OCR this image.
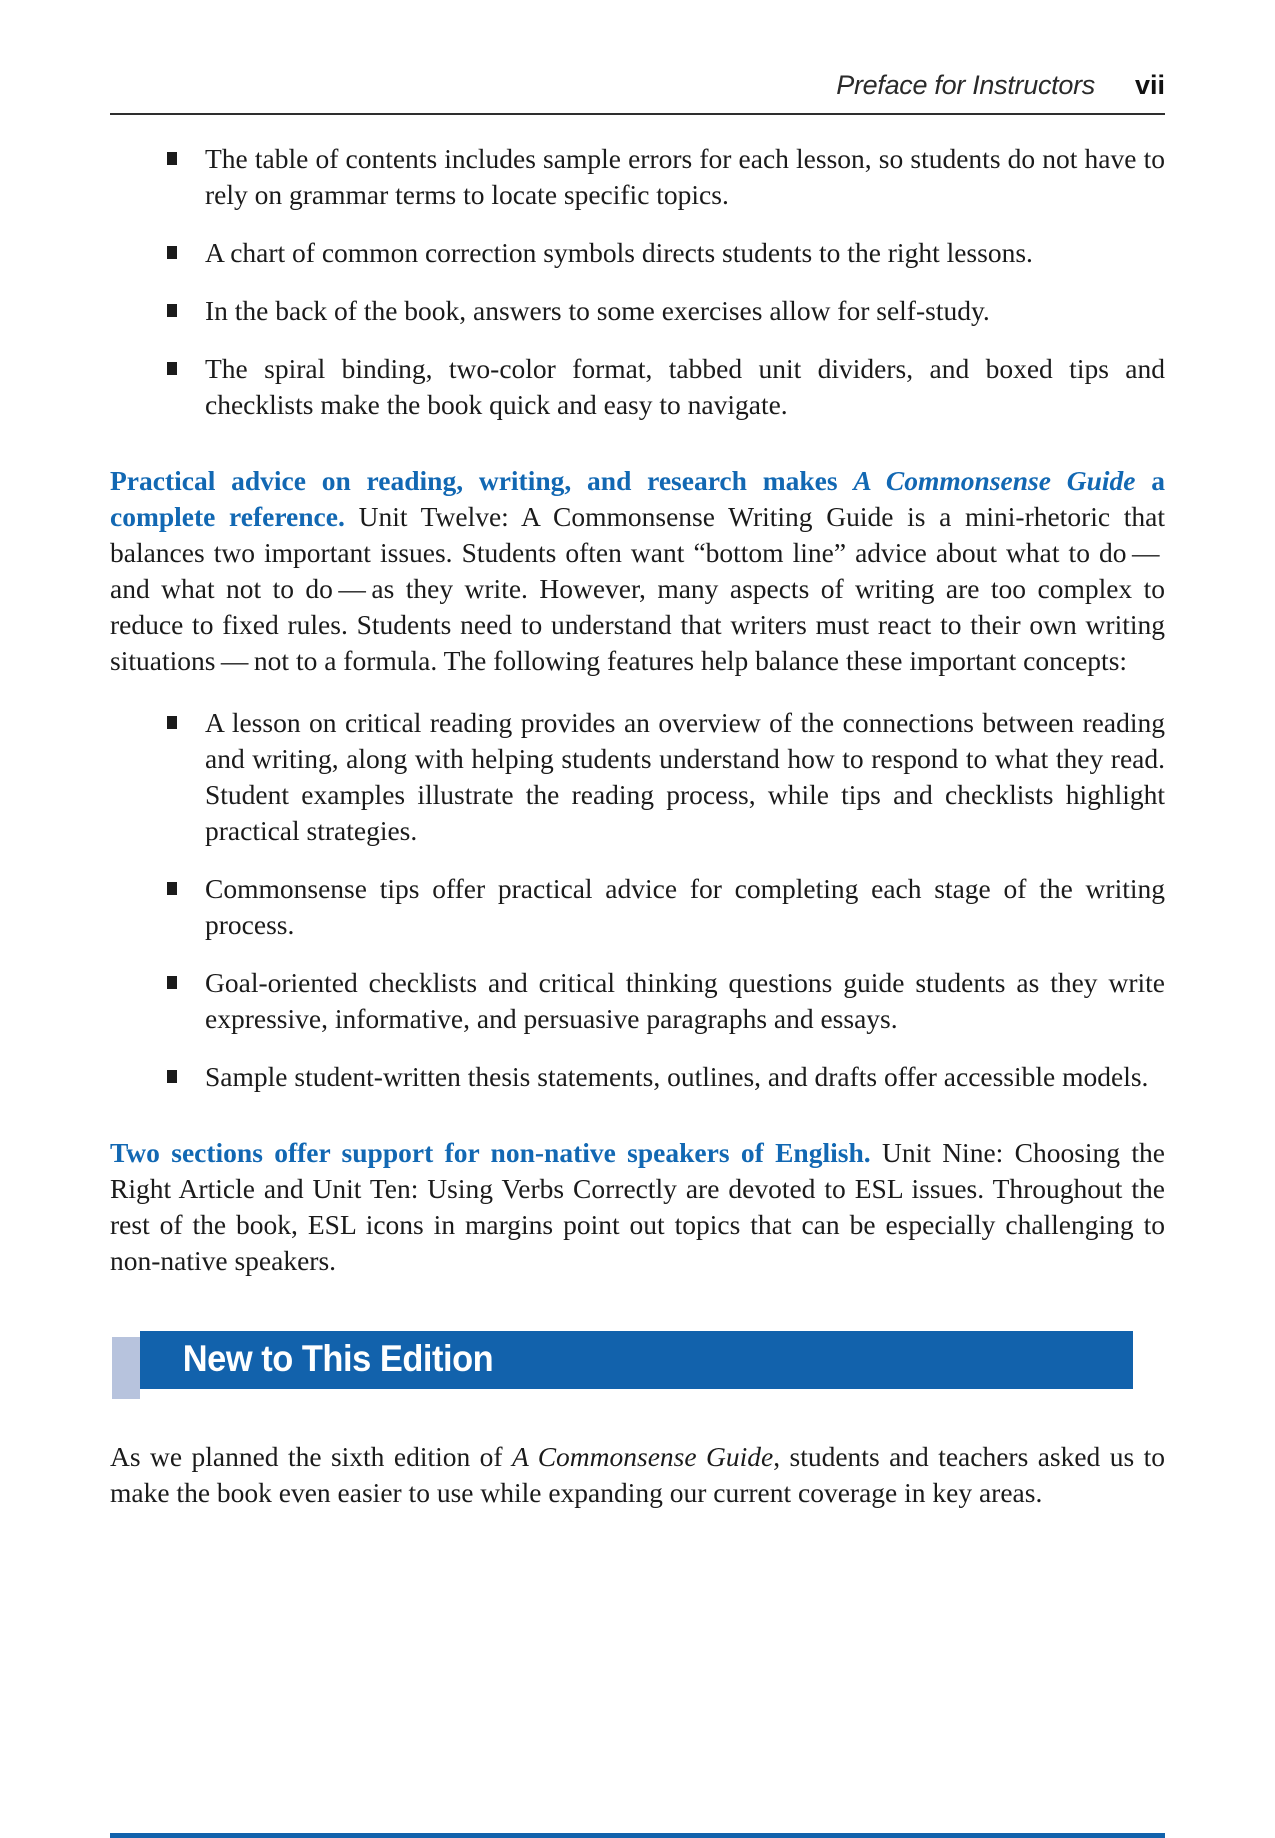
Preface for Instructors vii
The table of contents includes sample errors for each lesson, so students do not have to rely on grammar terms to locate specific topics.
A chart of common correction symbols directs students to the right lessons.
In the back of the book, answers to some exercises allow for self-study.
The spiral binding, two-color format, tabbed unit dividers, and boxed tips and checklists make the book quick and easy to navigate.

Practical advice on reading, writing, and research makes A Commonsense Guide a complete reference. Unit Twelve: A Commonsense Writing Guide is a mini-rhetoric that balances two important issues. Students often want “bottom line” advice about what to do — and what not to do — as they write. However, many aspects of writing are too complex to reduce to fixed rules. Students need to understand that writers must react to their own writing situations — not to a formula. The following features help balance these important concepts:

A lesson on critical reading provides an overview of the connections between reading and writing, along with helping students understand how to respond to what they read. Student examples illustrate the reading process, while tips and checklists highlight practical strategies.
Commonsense tips offer practical advice for completing each stage of the writing process.
Goal-oriented checklists and critical thinking questions guide students as they write expressive, informative, and persuasive paragraphs and essays.
Sample student-written thesis statements, outlines, and drafts offer accessible models.

Two sections offer support for non-native speakers of English. Unit Nine: Choosing the Right Article and Unit Ten: Using Verbs Correctly are devoted to ESL issues. Throughout the rest of the book, ESL icons in margins point out topics that can be especially challenging to non-native speakers.

New to This Edition

As we planned the sixth edition of A Commonsense Guide, students and teachers asked us to make the book even easier to use while expanding our current coverage in key areas.
